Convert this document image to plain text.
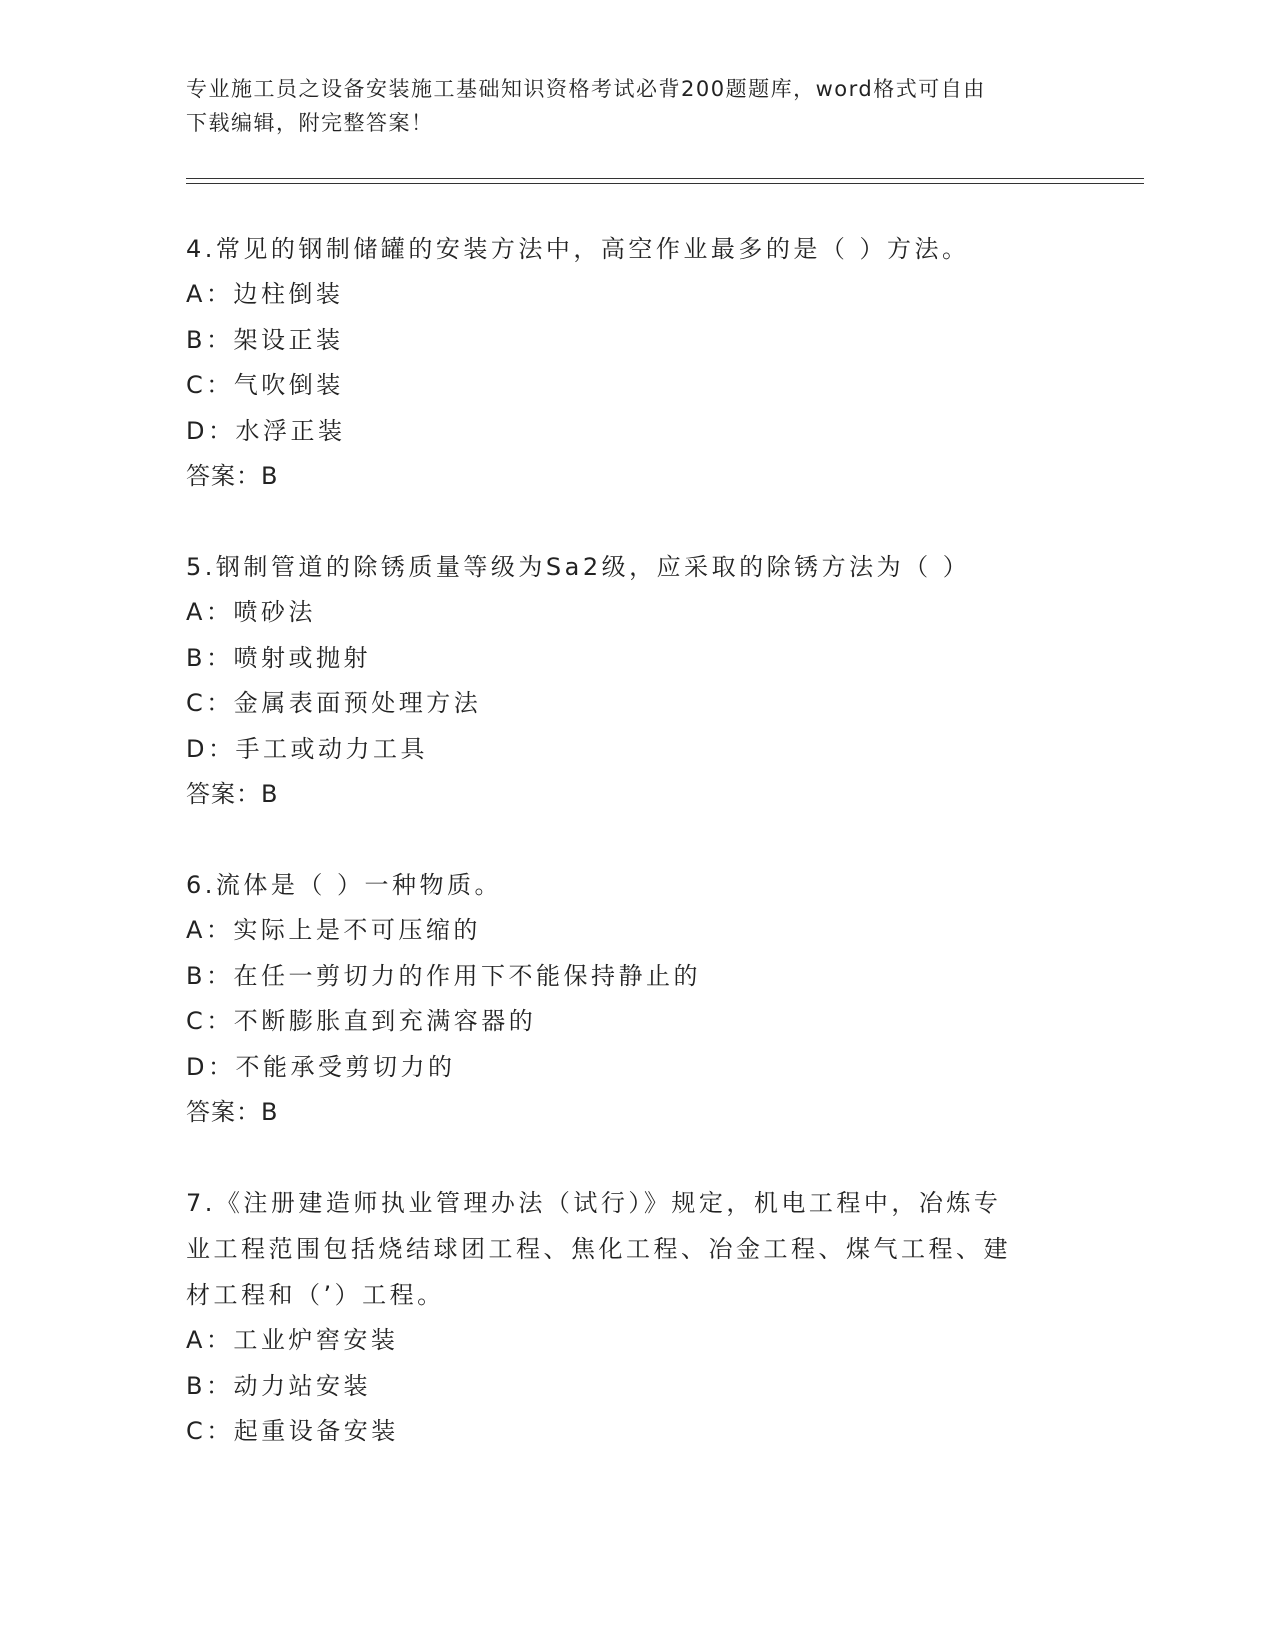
专业施工员之设备安装施工基础知识资格考试必背200题题库，word格式可自由
下载编辑，附完整答案！
4.常见的钢制储罐的安装方法中，高空作业最多的是（ ）方法。
A：边柱倒装
B：架设正装
C：气吹倒装
D：水浮正装
答案：B
5.钢制管道的除锈质量等级为Sa2级，应采取的除锈方法为（ ）
A：喷砂法
B：喷射或抛射
C：金属表面预处理方法
D：手工或动力工具
答案：B
6.流体是（ ）一种物质。
A：实际上是不可压缩的
B：在任一剪切力的作用下不能保持静止的
C：不断膨胀直到充满容器的
D：不能承受剪切力的
答案：B
7.《注册建造师执业管理办法（试行）》规定，机电工程中，冶炼专
业工程范围包括烧结球团工程、焦化工程、冶金工程、煤气工程、建
材工程和（’）工程。
A：工业炉窖安装
B：动力站安装
C：起重设备安装
